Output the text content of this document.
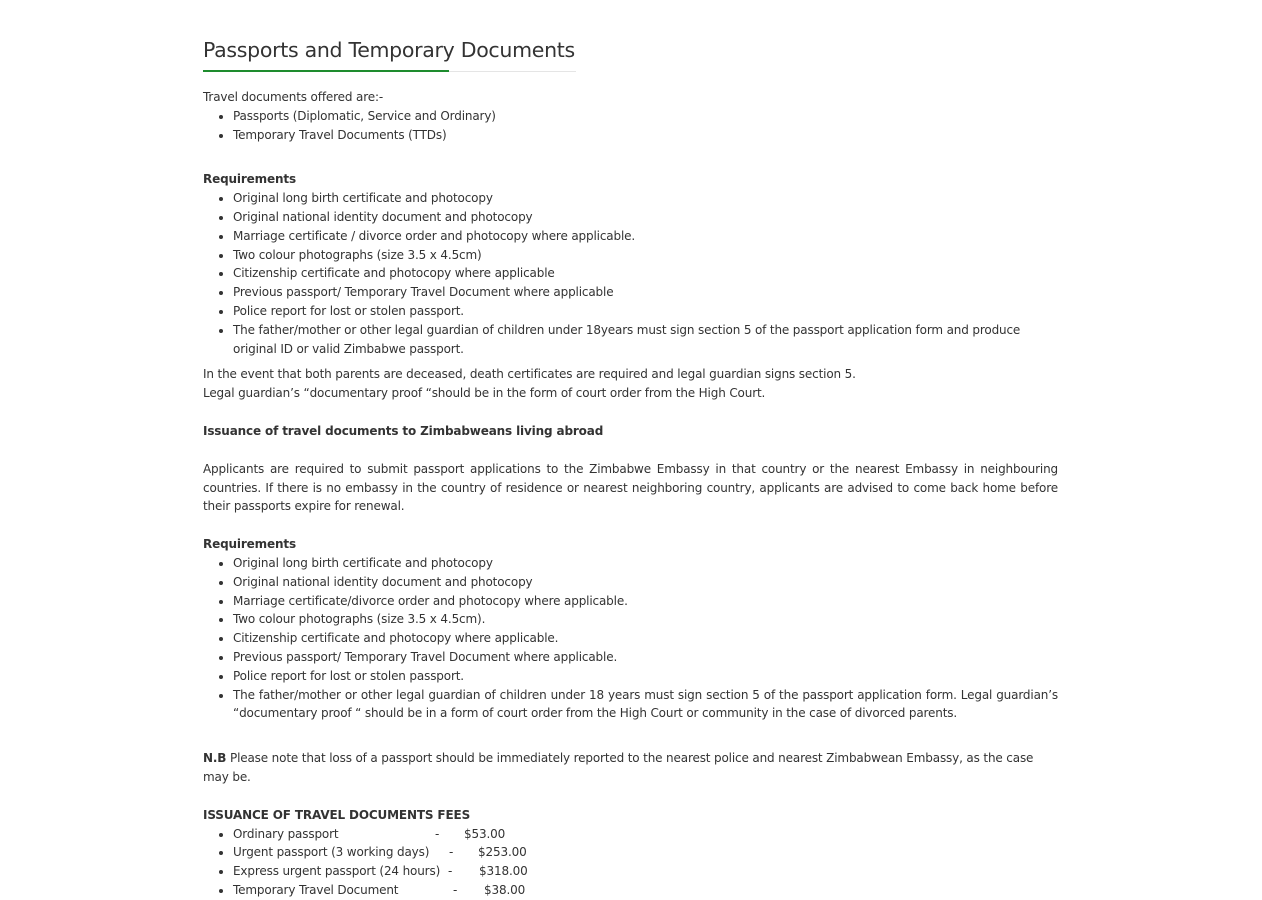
Passports and Temporary Documents

Travel documents offered are:-

• Passports (Diplomatic, Service and Ordinary)
• Temporary Travel Documents (TTDs)

Requirements

• Original long birth certificate and photocopy
• Original national identity document and photocopy
• Marriage certificate / divorce order and photocopy where applicable.
• Two colour photographs (size 3.5 x 4.5cm)
• Citizenship certificate and photocopy where applicable
• Previous passport/ Temporary Travel Document where applicable
• Police report for lost or stolen passport.
• The father/mother or other legal guardian of children under 18years must sign section 5 of the passport application form and produce original ID or valid Zimbabwe passport.

In the event that both parents are deceased, death certificates are required and legal guardian signs section 5.

Legal guardian’s “documentary proof “should be in the form of court order from the High Court.

Issuance of travel documents to Zimbabweans living abroad

Applicants are required to submit passport applications to the Zimbabwe Embassy in that country or the nearest Embassy in neighbouring countries. If there is no embassy in the country of residence or nearest neighboring country, applicants are advised to come back home before their passports expire for renewal.

Requirements

• Original long birth certificate and photocopy
• Original national identity document and photocopy
• Marriage certificate/divorce order and photocopy where applicable.
• Two colour photographs (size 3.5 x 4.5cm).
• Citizenship certificate and photocopy where applicable.
• Previous passport/ Temporary Travel Document where applicable.
• Police report for lost or stolen passport.
• The father/mother or other legal guardian of children under 18 years must sign section 5 of the passport application form. Legal guardian’s “documentary proof “ should be in a form of court order from the High Court or community in the case of divorced parents.

N.B Please note that loss of a passport should be immediately reported to the nearest police and nearest Zimbabwean Embassy, as the case may be.

ISSUANCE OF TRAVEL DOCUMENTS FEES

• Ordinary passport	- $53.00
• Urgent passport (3 working days) - $253.00
• Express urgent passport (24 hours) - $318.00
• Temporary Travel Document	- $38.00
